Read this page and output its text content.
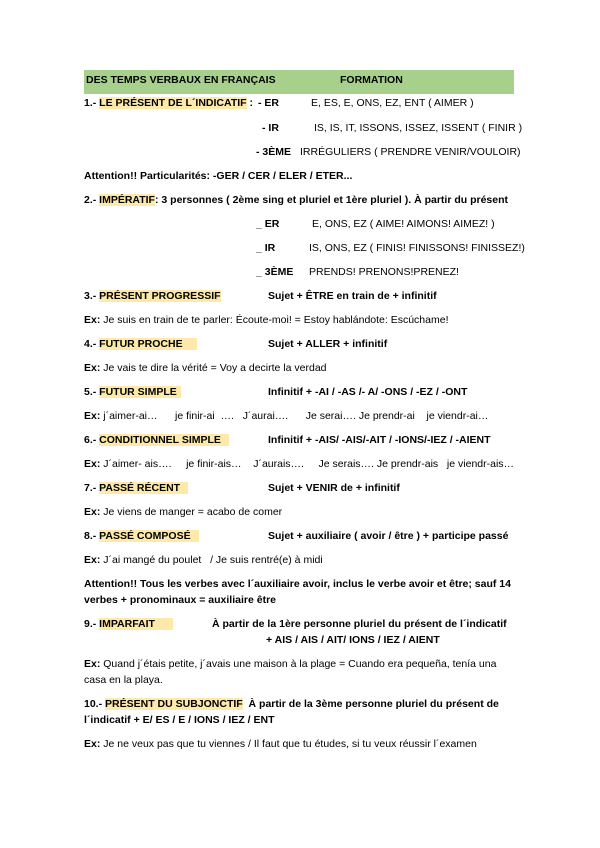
DES TEMPS VERBAUX EN FRANÇAIS	FORMATION
1.- LE PRÉSENT DE L´INDICATIF : - ER	E, ES, E, ONS, EZ, ENT ( AIMER )
- IR	IS, IS, IT, ISSONS, ISSEZ, ISSENT ( FINIR )
- 3ÈME IRRÉGULIERS ( PRENDRE VENIR/VOULOIR)
Attention!! Particularités: -GER / CER / ELER / ETER...
2.- IMPÉRATIF: 3 personnes ( 2ème sing et pluriel et 1ère pluriel ). À partir du présent
_ ER	E, ONS, EZ ( AIME! AIMONS! AIMEZ! )
_ IR	IS, ONS, EZ ( FINIS! FINISSONS! FINISSEZ!)
_ 3ÈME PRENDS! PRENONS!PRENEZ!
3.- PRÉSENT PROGRESSIF	Sujet + ÊTRE en train de + infinitif
Ex: Je suis en train de te parler: Écoute-moi! = Estoy hablándote: Escúchame!
4.- FUTUR PROCHE	Sujet + ALLER + infinitif
Ex: Je vais te dire la vérité = Voy a decirte la verdad
5.- FUTUR SIMPLE	Infinitif + -AI / -AS /- A/ -ONS / -EZ / -ONT
Ex: j´aimer-ai…      je finir-ai  ….   J´aurai….      Je serai…. Je prendr-ai    je viendr-ai…
6.- CONDITIONNEL SIMPLE	Infinitif + -AIS/ -AIS/-AIT / -IONS/-IEZ / -AIENT
Ex: J´aimer- ais….     je finir-ais…    J´aurais….     Je serais…. Je prendr-ais   je viendr-ais…
7.- PASSÉ RÉCENT	Sujet + VENIR de + infinitif
Ex: Je viens de manger = acabo de comer
8.- PASSÉ COMPOSÉ	Sujet + auxiliaire ( avoir / être ) + participe passé
Ex: J´ai mangé du poulet   / Je suis rentré(e) à midi
Attention!! Tous les verbes avec l´auxiliaire avoir, inclus le verbe avoir et être; sauf 14
verbes + pronominaux = auxiliaire être
9.- IMPARFAIT	À partir de la 1ère personne pluriel du présent de l´indicatif
+ AIS / AIS / AIT/ IONS / IEZ / AIENT
Ex: Quand j´étais petite, j´avais une maison à la plage = Cuando era pequeña, tenía una
casa en la playa.
10.- PRÉSENT DU SUBJONCTIF  À partir de la 3ème personne pluriel du présent de
l´indicatif + E/ ES / E / IONS / IEZ / ENT
Ex: Je ne veux pas que tu viennes / Il faut que tu études, si tu veux réussir l´examen
